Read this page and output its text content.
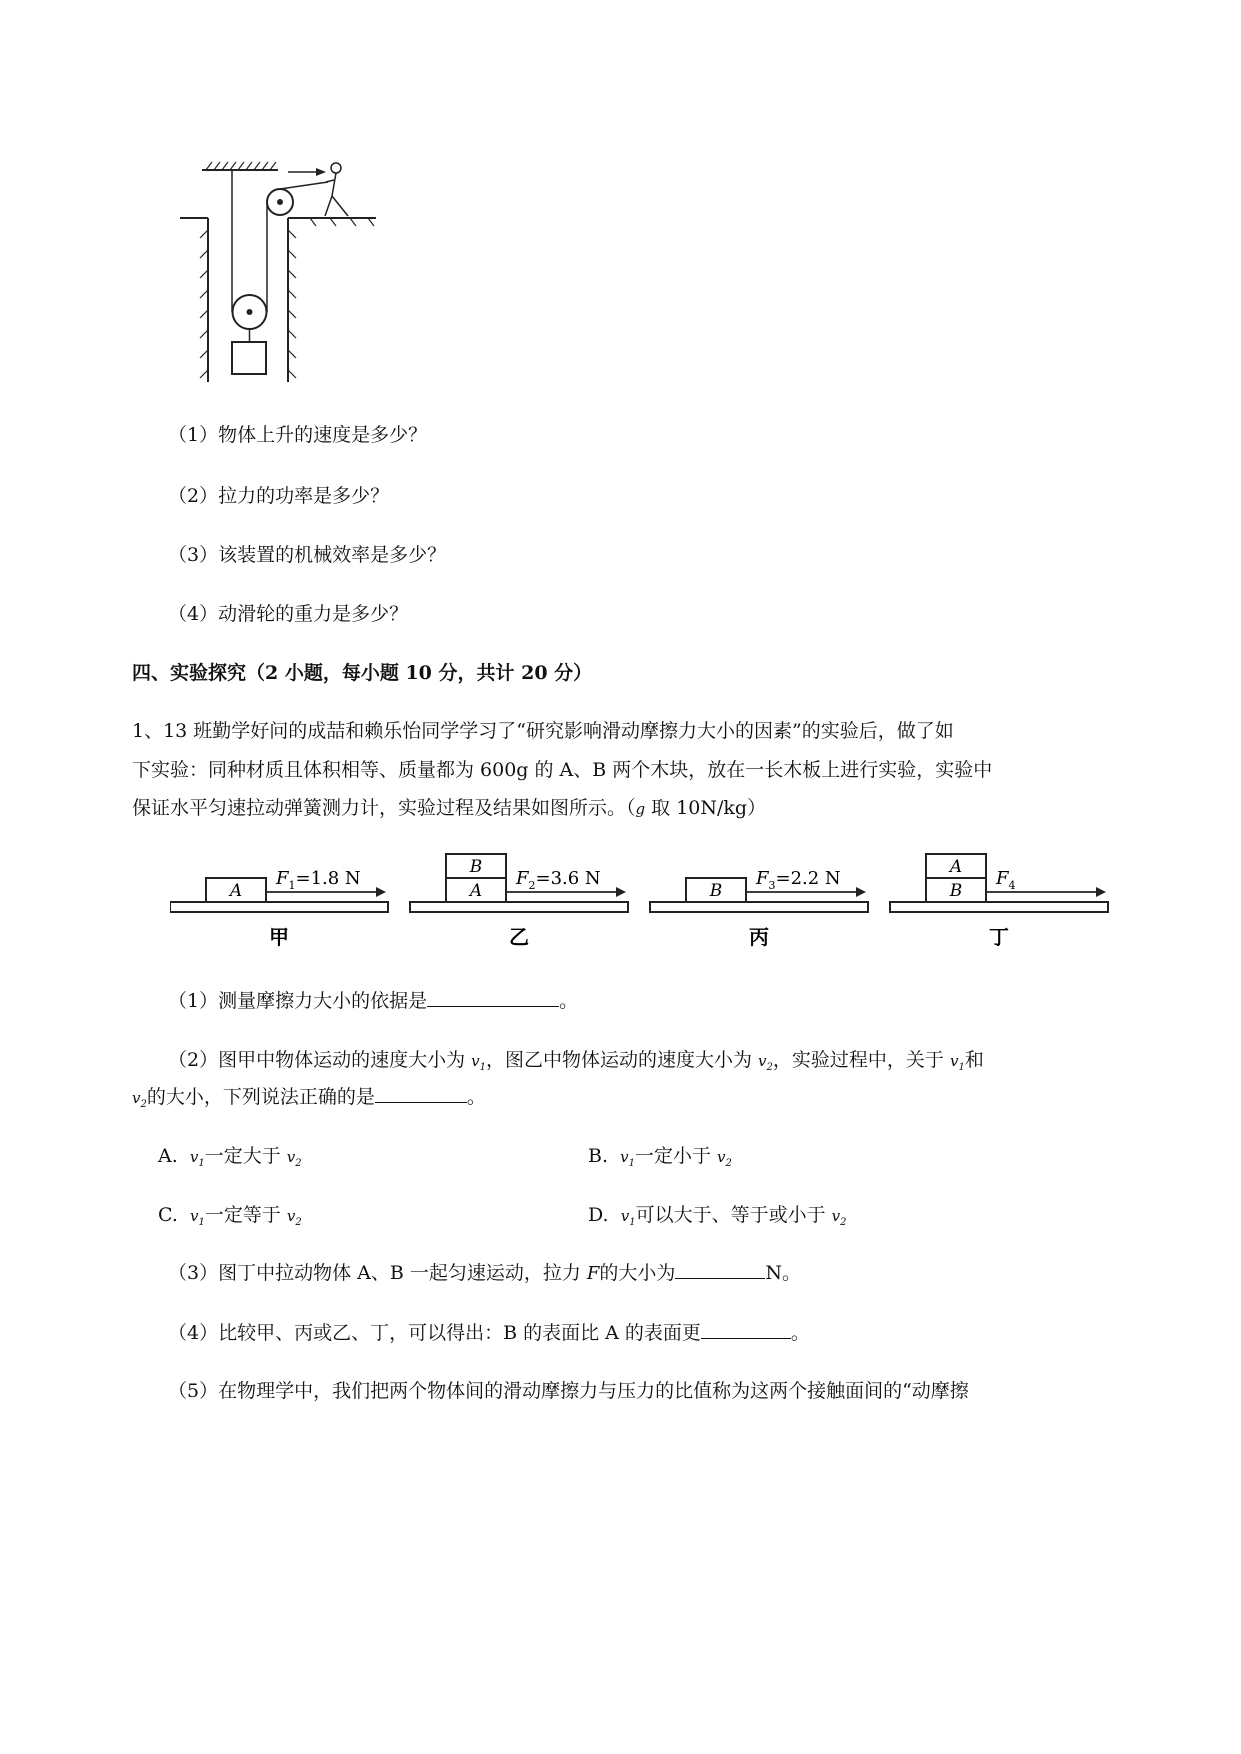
（1）物体上升的速度是多少？
（2）拉力的功率是多少？
（3）该装置的机械效率是多少？
（4）动滑轮的重力是多少？
四、实验探究（2 小题，每小题 10 分，共计 20 分）
1、13 班勤学好问的成喆和赖乐怡同学学习了“研究影响滑动摩擦力大小的因素”的实验后，做了如
下实验：同种材质且体积相等、质量都为 600g 的 A、B 两个木块，放在一长木板上进行实验，实验中
保证水平匀速拉动弹簧测力计，实验过程及结果如图所示。（g 取 10N/kg）
A
$F_1=1.8$ N
甲
B
A
$F_2=3.6$ N
乙
B
$F_3=2.2$ N
丙
A
B
$F_4$
丁
（1）测量摩擦力大小的依据是	。
（2）图甲中物体运动的速度大小为 $v_1$，图乙中物体运动的速度大小为 $v_2$，实验过程中，关于 $v_1$和
$v_2$的大小，下列说法正确的是	。
A. $v_1$一定大于 $v_2$	B. $v_1$一定小于 $v_2$
C. $v_1$一定等于 $v_2$	D. $v_1$可以大于、等于或小于 $v_2$
（3）图丁中拉动物体 A、B 一起匀速运动，拉力 F的大小为	N。
（4）比较甲、丙或乙、丁，可以得出：B 的表面比 A 的表面更	。
（5）在物理学中，我们把两个物体间的滑动摩擦力与压力的比值称为这两个接触面间的“动摩擦
